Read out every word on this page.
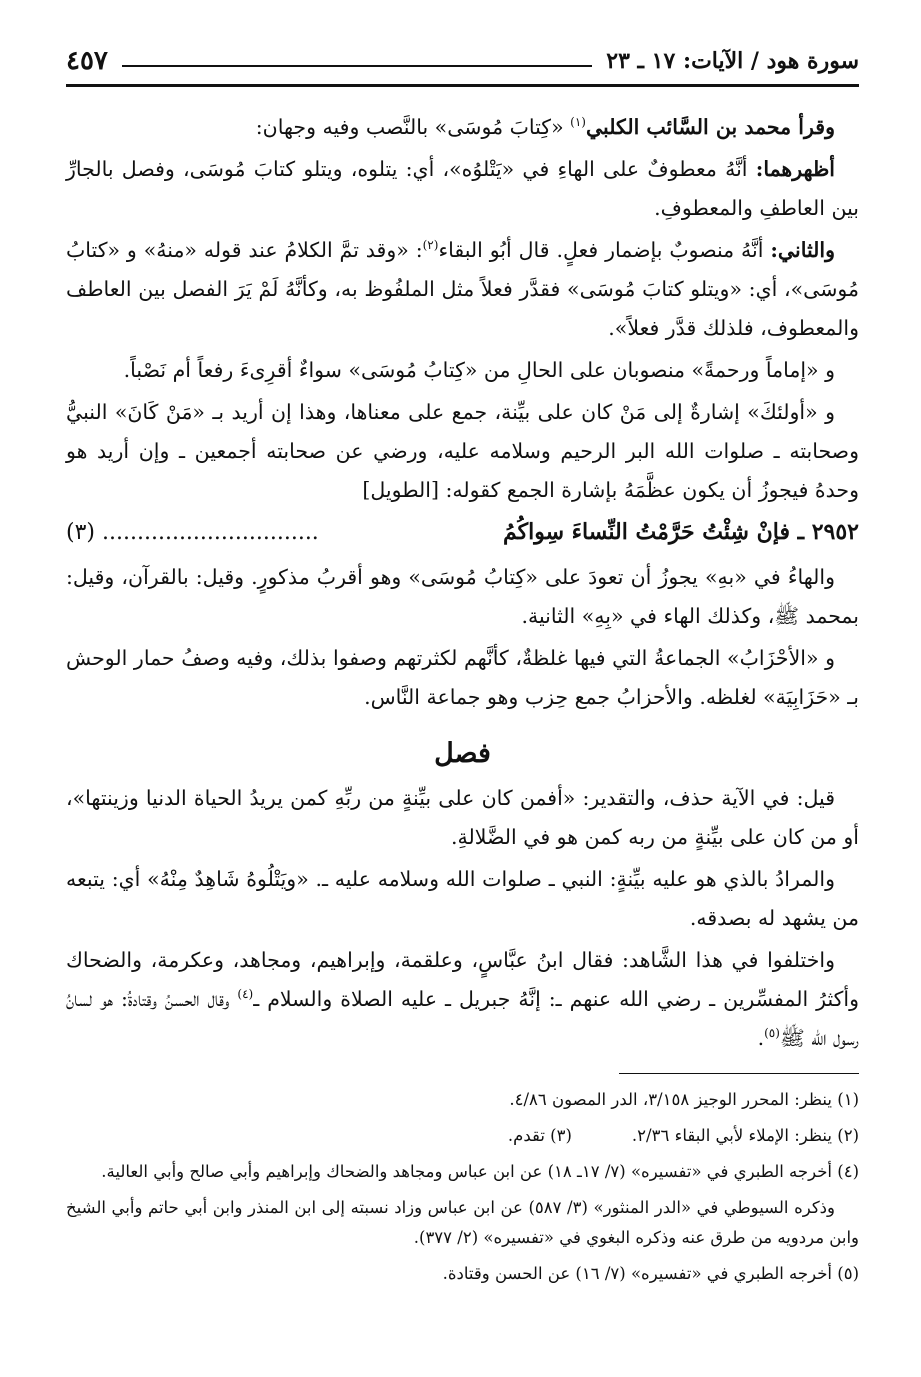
سورة هود / الآيات: ١٧ ـ ٢٣
٤٥٧

وقرأ محمد بن السَّائب الكلبي$^{(١)}$ «كِتابَ مُوسَى» بالنَّصب وفيه وجهان:

أظهرهما: أنَّهُ معطوفٌ على الهاءِ في «يَتْلوُه»، أي: يتلوه، ويتلو كتابَ مُوسَى، وفصل بالجارِّ بين العاطفِ والمعطوفِ.

والثاني: أنَّهُ منصوبٌ بإضمار فعلٍ. قال أبُو البقاء$^{(٢)}$: «وقد تمَّ الكلامُ عند قوله «منهُ» و «كتابُ مُوسَى»، أي: «ويتلو كتابَ مُوسَى» فقدَّر فعلاً مثل الملفُوظ به، وكأنَّهُ لَمْ يَرَ الفصل بين العاطف والمعطوف، فلذلك قدَّر فعلاً».

و «إماماً ورحمةً» منصوبان على الحالِ من «كِتابُ مُوسَى» سواءٌ أقرِىءَ رفعاً أم نَصْباً.

و «أولئكَ» إشارةٌ إلى مَنْ كان على بيِّنة، جمع على معناها، وهذا إن أريد بـ «مَنْ كَانَ» النبيُّ وصحابته ـ صلوات الله البر الرحيم وسلامه عليه، ورضي عن صحابته أجمعين ـ وإن أريد هو وحدهُ فيجوزُ أن يكون عظَّمَهُ بإشارة الجمع كقوله: [الطويل]

٢٩٥٢ ـ فإنْ شِئْتُ حَرَّمْتُ النِّساءَ سِواكُمُ
(٣) ...............................

والهاءُ في «بهِ» يجوزُ أن تعودَ على «كِتابُ مُوسَى» وهو أقربُ مذكورٍ. وقيل: بالقرآن، وقيل: بمحمد ﷺ، وكذلك الهاء في «بِهِ» الثانية.

و «الأحْزَابُ» الجماعةُ التي فيها غلظةٌ، كأنَّهم لكثرتهم وصفوا بذلك، وفيه وصفُ حمار الوحش بـ «حَزَابِيَة» لغلظه. والأحزابُ جمع حِزب وهو جماعة النَّاس.

فصل

قيل: في الآية حذف، والتقدير: «أفمن كان على بيِّنةٍ من ربِّهِ كمن يريدُ الحياة الدنيا وزينتها»، أو من كان على بيِّنةٍ من ربه كمن هو في الضَّلالةِ.

والمرادُ بالذي هو عليه بيِّنةٍ: النبي ـ صلوات الله وسلامه عليه ـ. «ويَتْلُوهُ شَاهِدٌ مِنْهُ» أي: يتبعه من يشهد له بصدقه.

واختلفوا في هذا الشَّاهد: فقال ابنُ عبَّاسٍ، وعلقمة، وإبراهيم، ومجاهد، وعكرمة، والضحاك وأكثرُ المفسِّرين ـ رضي الله عنهم ـ: إنَّهُ جبريل ـ عليه الصلاة والسلام ـ$^{(٤)}$ وقال الحسنُ وقتادةُ: هو لسانُ رسول الله ﷺ$^{(٥)}$.

(١) ينظر: المحرر الوجيز ٣/١٥٨، الدر المصون ٤/٨٦.

(٢) ينظر: الإملاء لأبي البقاء ٢/٣٦.
(٣) تقدم.

(٤) أخرجه الطبري في «تفسيره» (٧/ ١٧ـ ١٨) عن ابن عباس ومجاهد والضحاك وإبراهيم وأبي صالح وأبي العالية.

وذكره السيوطي في «الدر المنثور» (٣/ ٥٨٧) عن ابن عباس وزاد نسبته إلى ابن المنذر وابن أبي حاتم وأبي الشيخ وابن مردويه من طرق عنه وذكره البغوي في «تفسيره» (٢/ ٣٧٧).

(٥) أخرجه الطبري في «تفسيره» (٧/ ١٦) عن الحسن وقتادة.
